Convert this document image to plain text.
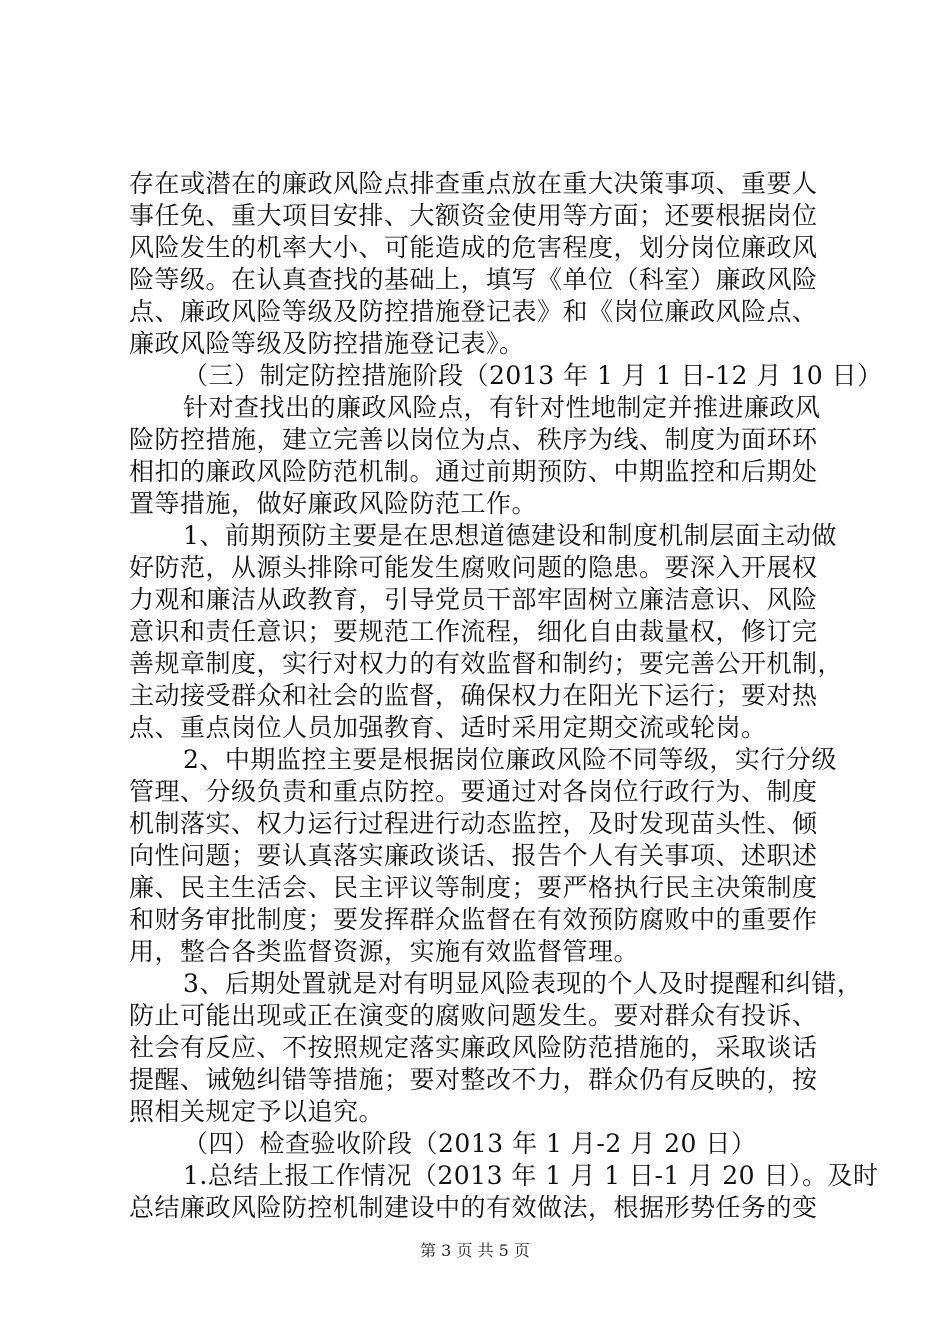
存在或潜在的廉政风险点排查重点放在重大决策事项、重要人
事任免、重大项目安排、大额资金使用等方面；还要根据岗位
风险发生的机率大小、可能造成的危害程度，划分岗位廉政风
险等级。在认真查找的基础上，填写《单位（科室）廉政风险
点、廉政风险等级及防控措施登记表》和《岗位廉政风险点、
廉政风险等级及防控措施登记表》。
（三）制定防控措施阶段（2013 年 1 月 1 日-12 月 10 日）
针对查找出的廉政风险点，有针对性地制定并推进廉政风
险防控措施，建立完善以岗位为点、秩序为线、制度为面环环
相扣的廉政风险防范机制。通过前期预防、中期监控和后期处
置等措施，做好廉政风险防范工作。
1、前期预防主要是在思想道德建设和制度机制层面主动做
好防范，从源头排除可能发生腐败问题的隐患。要深入开展权
力观和廉洁从政教育，引导党员干部牢固树立廉洁意识、风险
意识和责任意识；要规范工作流程，细化自由裁量权，修订完
善规章制度，实行对权力的有效监督和制约；要完善公开机制，
主动接受群众和社会的监督，确保权力在阳光下运行；要对热
点、重点岗位人员加强教育、适时采用定期交流或轮岗。
2、中期监控主要是根据岗位廉政风险不同等级，实行分级
管理、分级负责和重点防控。要通过对各岗位行政行为、制度
机制落实、权力运行过程进行动态监控，及时发现苗头性、倾
向性问题；要认真落实廉政谈话、报告个人有关事项、述职述
廉、民主生活会、民主评议等制度；要严格执行民主决策制度
和财务审批制度；要发挥群众监督在有效预防腐败中的重要作
用，整合各类监督资源，实施有效监督管理。
3、后期处置就是对有明显风险表现的个人及时提醒和纠错，
防止可能出现或正在演变的腐败问题发生。要对群众有投诉、
社会有反应、不按照规定落实廉政风险防范措施的，采取谈话
提醒、诫勉纠错等措施；要对整改不力，群众仍有反映的，按
照相关规定予以追究。
（四）检查验收阶段（2013 年 1 月-2 月 20 日）
1.总结上报工作情况（2013 年 1 月 1 日-1 月 20 日）。及时
总结廉政风险防控机制建设中的有效做法，根据形势任务的变
第 3 页 共 5 页
